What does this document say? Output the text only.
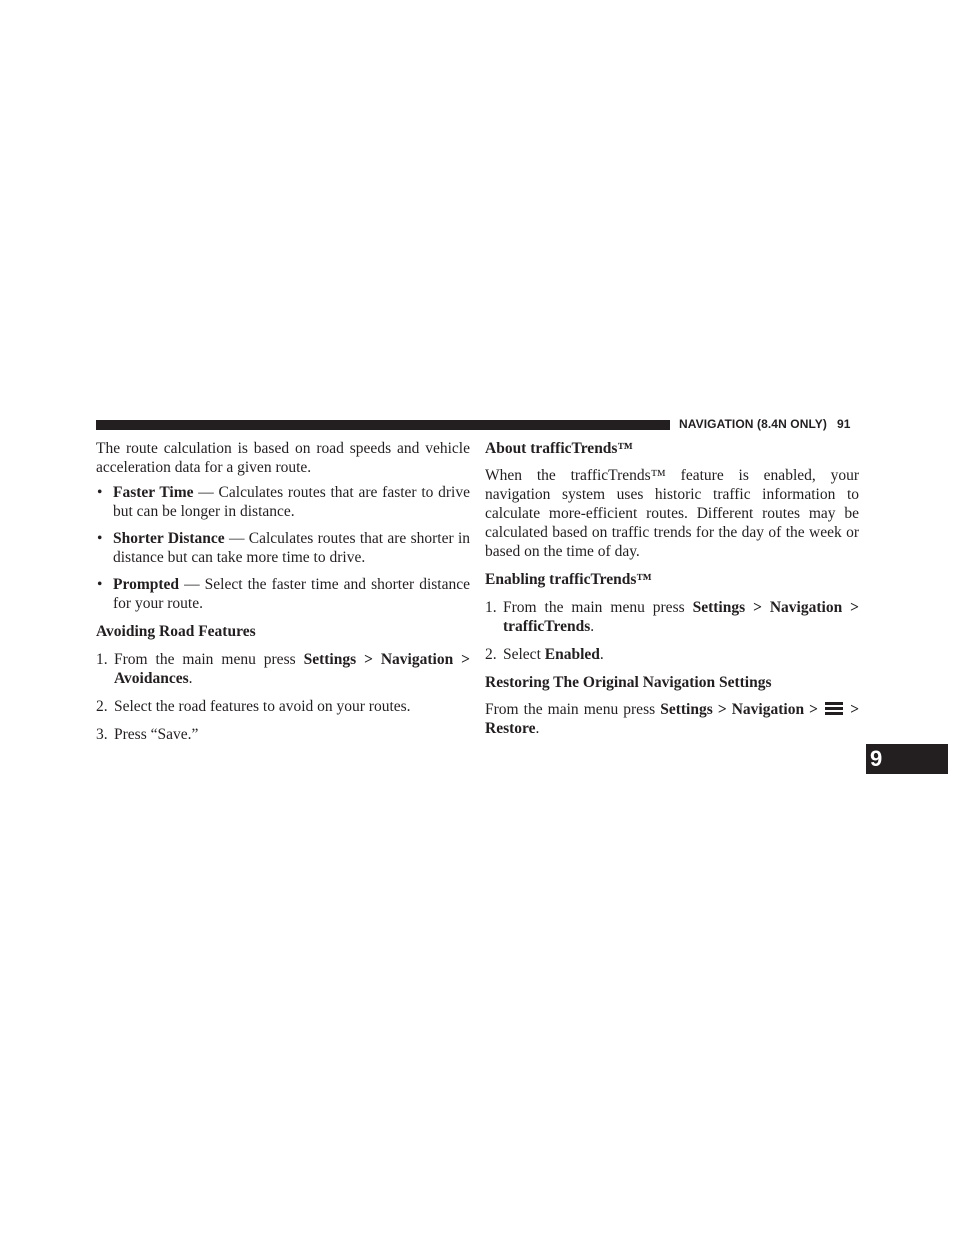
NAVIGATION (8.4N ONLY) 91

The route calculation is based on road speeds and vehicle acceleration data for a given route.

• Faster Time — Calculates routes that are faster to drive but can be longer in distance.
• Shorter Distance — Calculates routes that are shorter in distance but can take more time to drive.
• Prompted — Select the faster time and shorter distance for your route.

Avoiding Road Features

1. From the main menu press Settings > Navigation > Avoidances.
2. Select the road features to avoid on your routes.
3. Press “Save.”

About trafficTrends™

When the trafficTrends™ feature is enabled, your navigation system uses historic traffic information to calculate more-efficient routes. Different routes may be calculated based on traffic trends for the day of the week or based on the time of day.

Enabling trafficTrends™

1. From the main menu press Settings > Navigation > trafficTrends.
2. Select Enabled.

Restoring The Original Navigation Settings

From the main menu press Settings > Navigation > > Restore.

9
